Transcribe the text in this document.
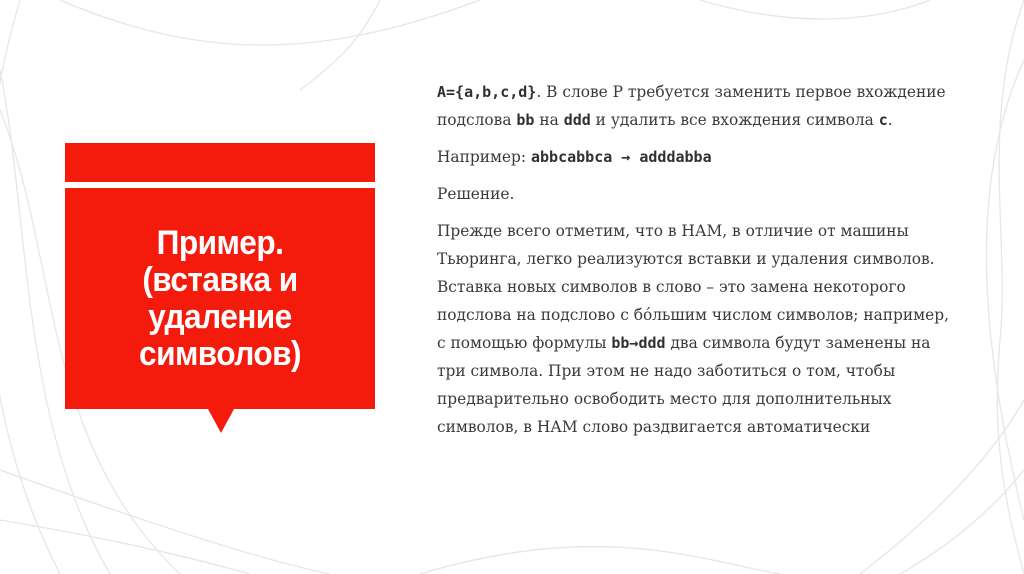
Пример. (вставка и удаление символов)

A={a,b,c,d}. В слове P требуется заменить первое вхождение подслова bb на ddd и удалить все вхождения символа c.

Например: abbcabbca → adddabba

Решение.

Прежде всего отметим, что в НАМ, в отличие от машины Тьюринга, легко реализуются вставки и удаления символов. Вставка новых символов в слово – это замена некоторого подслова на подслово с бóльшим числом символов; например, с помощью формулы bb→ddd два символа будут заменены на три символа. При этом не надо заботиться о том, чтобы предварительно освободить место для дополнительных символов, в НАМ слово раздвигается автоматически
